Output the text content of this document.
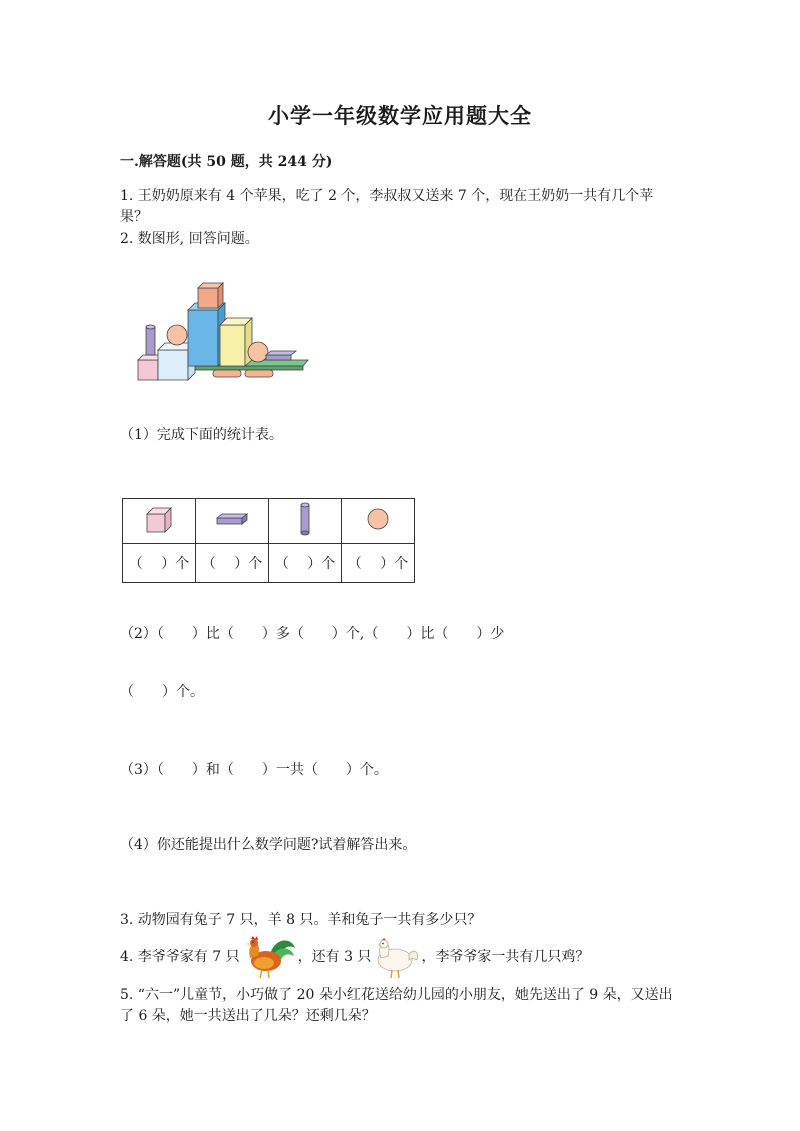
小学一年级数学应用题大全
一.解答题(共 50 题，共 244 分)
1. 王奶奶原来有 4 个苹果，吃了 2 个，李叔叔又送来 7 个，现在王奶奶一共有几个苹果？
2. 数图形, 回答问题。
（1）完成下面的统计表。

（　 ）个	（　 ）个	（　 ）个	（　 ）个
（2）（　　）比（　　）多（　　）个,（　　）比（　　）少
（　　）个。
（3）（　　）和（　　）一共（　　）个。
（4）你还能提出什么数学问题?试着解答出来。
3. 动物园有兔子 7 只，羊 8 只。羊和兔子一共有多少只？
4. 李爷爷家有 7 只	，还有 3 只	，李爷爷家一共有几只鸡？
5. “六一”儿童节，小巧做了 20 朵小红花送给幼儿园的小朋友，她先送出了 9 朵，又送出了 6 朵，她一共送出了几朵？还剩几朵？
